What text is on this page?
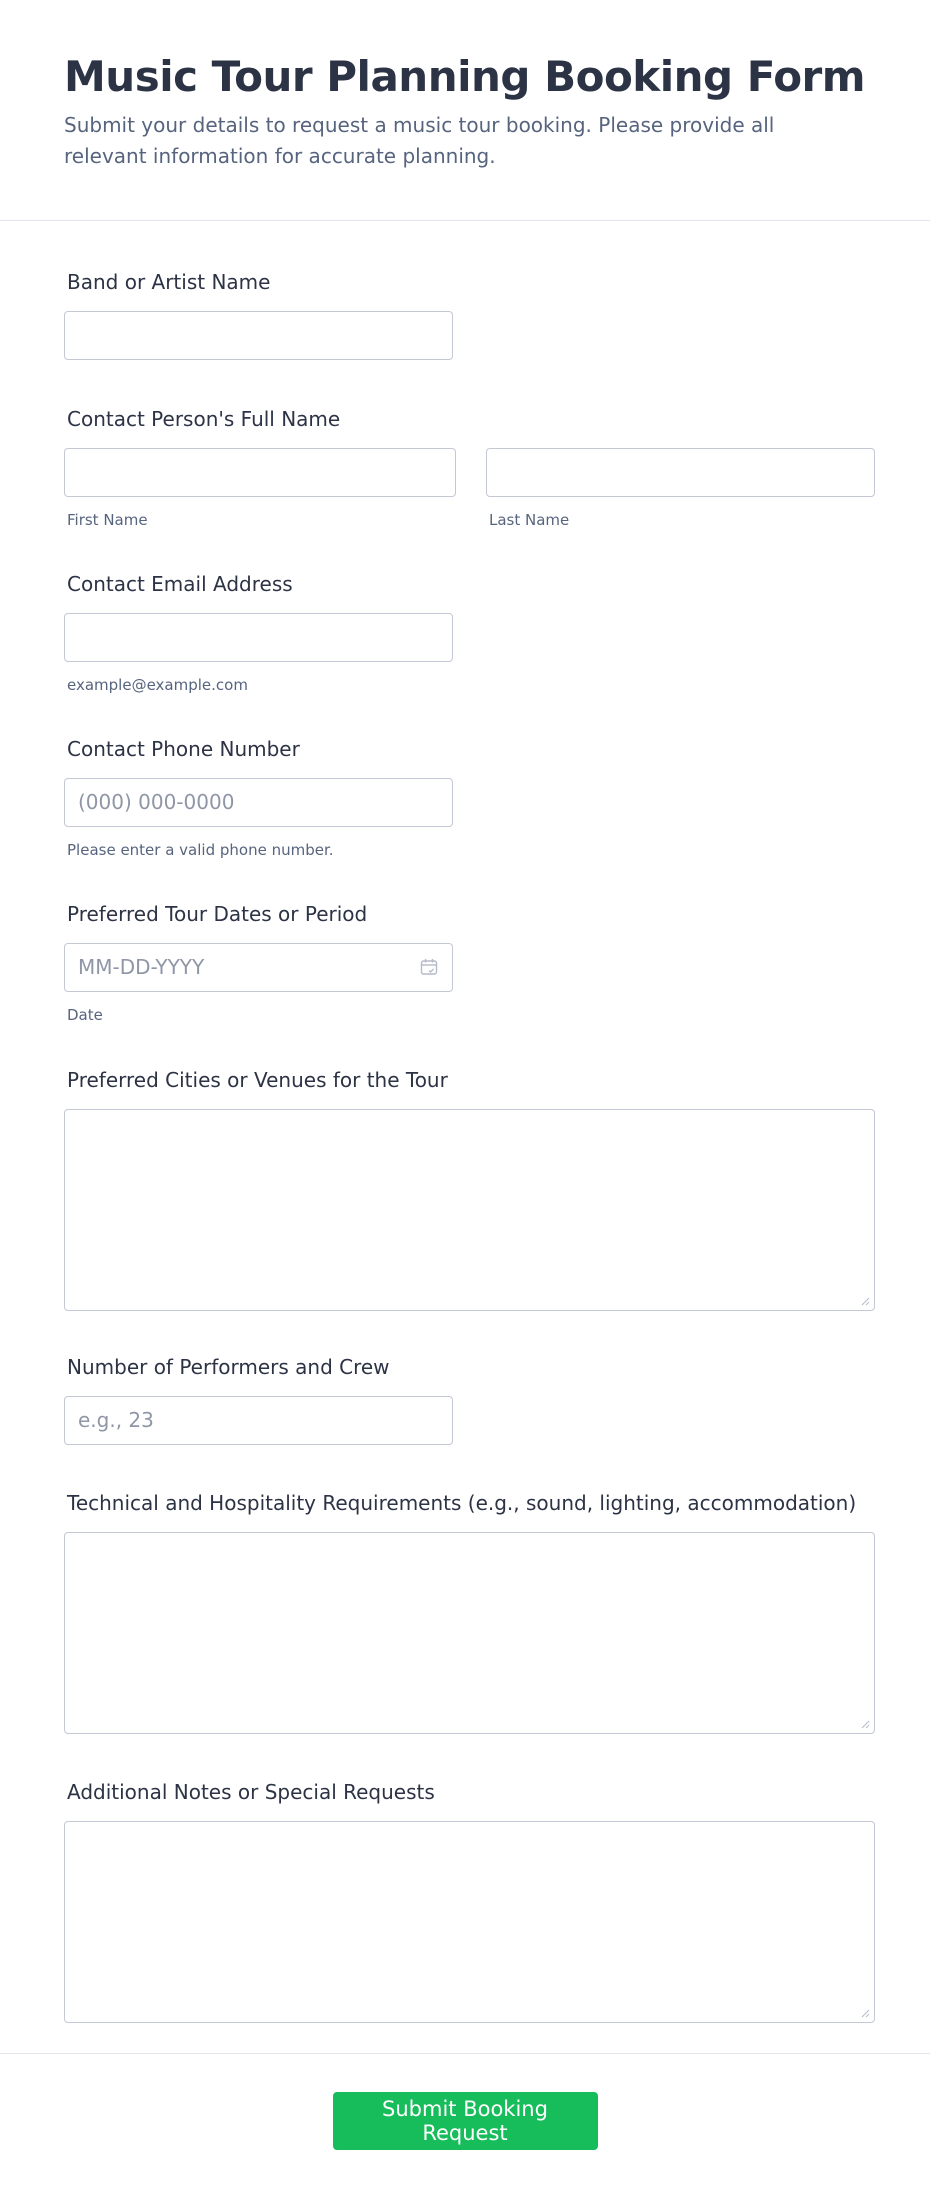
Music Tour Planning Booking Form
Submit your details to request a music tour booking. Please provide all relevant information for accurate planning.
Band or Artist Name
Contact Person's Full Name
First Name	Last Name
Contact Email Address
example@example.com
Contact Phone Number
(000) 000-0000
Please enter a valid phone number.
Preferred Tour Dates or Period
MM-DD-YYYY
Date
Preferred Cities or Venues for the Tour
Number of Performers and Crew
e.g., 23
Technical and Hospitality Requirements (e.g., sound, lighting, accommodation)
Additional Notes or Special Requests
Submit Booking Request
